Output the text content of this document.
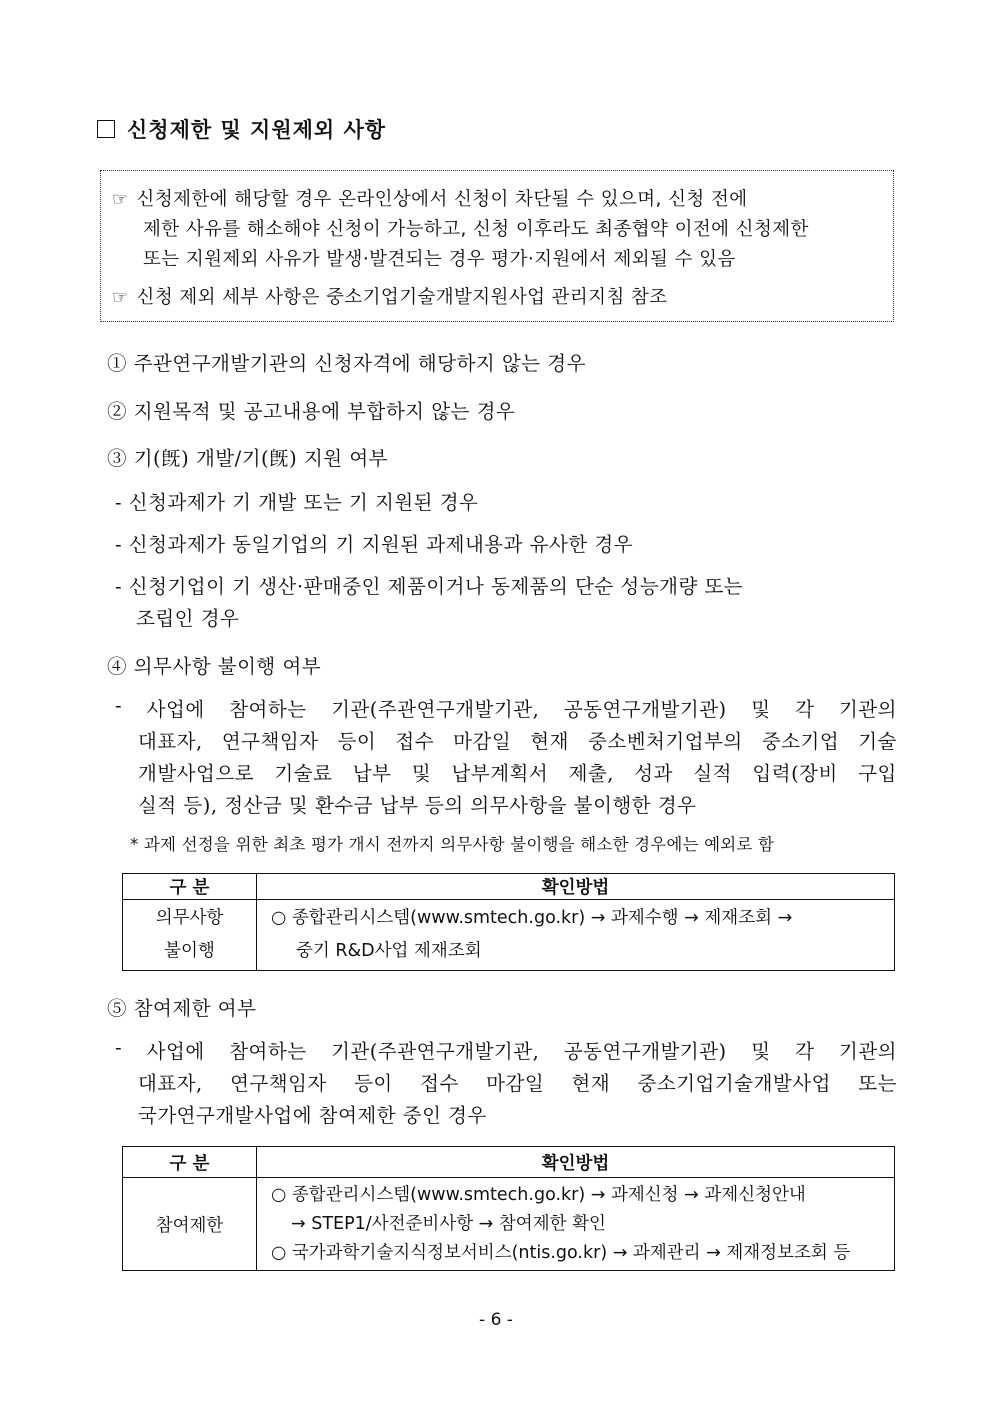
신청제한 및 지원제외 사항
☞ 신청제한에 해당할 경우 온라인상에서 신청이 차단될 수 있으며, 신청 전에
제한 사유를 해소해야 신청이 가능하고, 신청 이후라도 최종협약 이전에 신청제한
또는 지원제외 사유가 발생·발견되는 경우 평가·지원에서 제외될 수 있음
☞ 신청 제외 세부 사항은 중소기업기술개발지원사업 관리지침 참조
① 주관연구개발기관의 신청자격에 해당하지 않는 경우
② 지원목적 및 공고내용에 부합하지 않는 경우
③ 기(旣) 개발/기(旣) 지원 여부
- 신청과제가 기 개발 또는 기 지원된 경우
- 신청과제가 동일기업의 기 지원된 과제내용과 유사한 경우
- 신청기업이 기 생산·판매중인 제품이거나 동제품의 단순 성능개량 또는
조립인 경우
④ 의무사항 불이행 여부
- 사업에 참여하는 기관(주관연구개발기관, 공동연구개발기관) 및 각 기관의
대표자, 연구책임자 등이 접수 마감일 현재 중소벤처기업부의 중소기업 기술
개발사업으로 기술료 납부 및 납부계획서 제출, 성과 실적 입력(장비 구입
실적 등), 정산금 및 환수금 납부 등의 의무사항을 불이행한 경우
* 과제 선정을 위한 최초 평가 개시 전까지 의무사항 불이행을 해소한 경우에는 예외로 함
구 분	확인방법

의무사항
불이행	○ 종합관리시스템(www.smtech.go.kr) → 과제수행 → 제재조회 →
중기 R&D사업 제재조회
⑤ 참여제한 여부
- 사업에 참여하는 기관(주관연구개발기관, 공동연구개발기관) 및 각 기관의
대표자, 연구책임자 등이 접수 마감일 현재 중소기업기술개발사업 또는
국가연구개발사업에 참여제한 중인 경우
구 분	확인방법
참여제한	○ 종합관리시스템(www.smtech.go.kr) → 과제신청 → 과제신청안내
→ STEP1/사전준비사항 → 참여제한 확인
○ 국가과학기술지식정보서비스(ntis.go.kr) → 과제관리 → 제재정보조회 등
- 6 -
